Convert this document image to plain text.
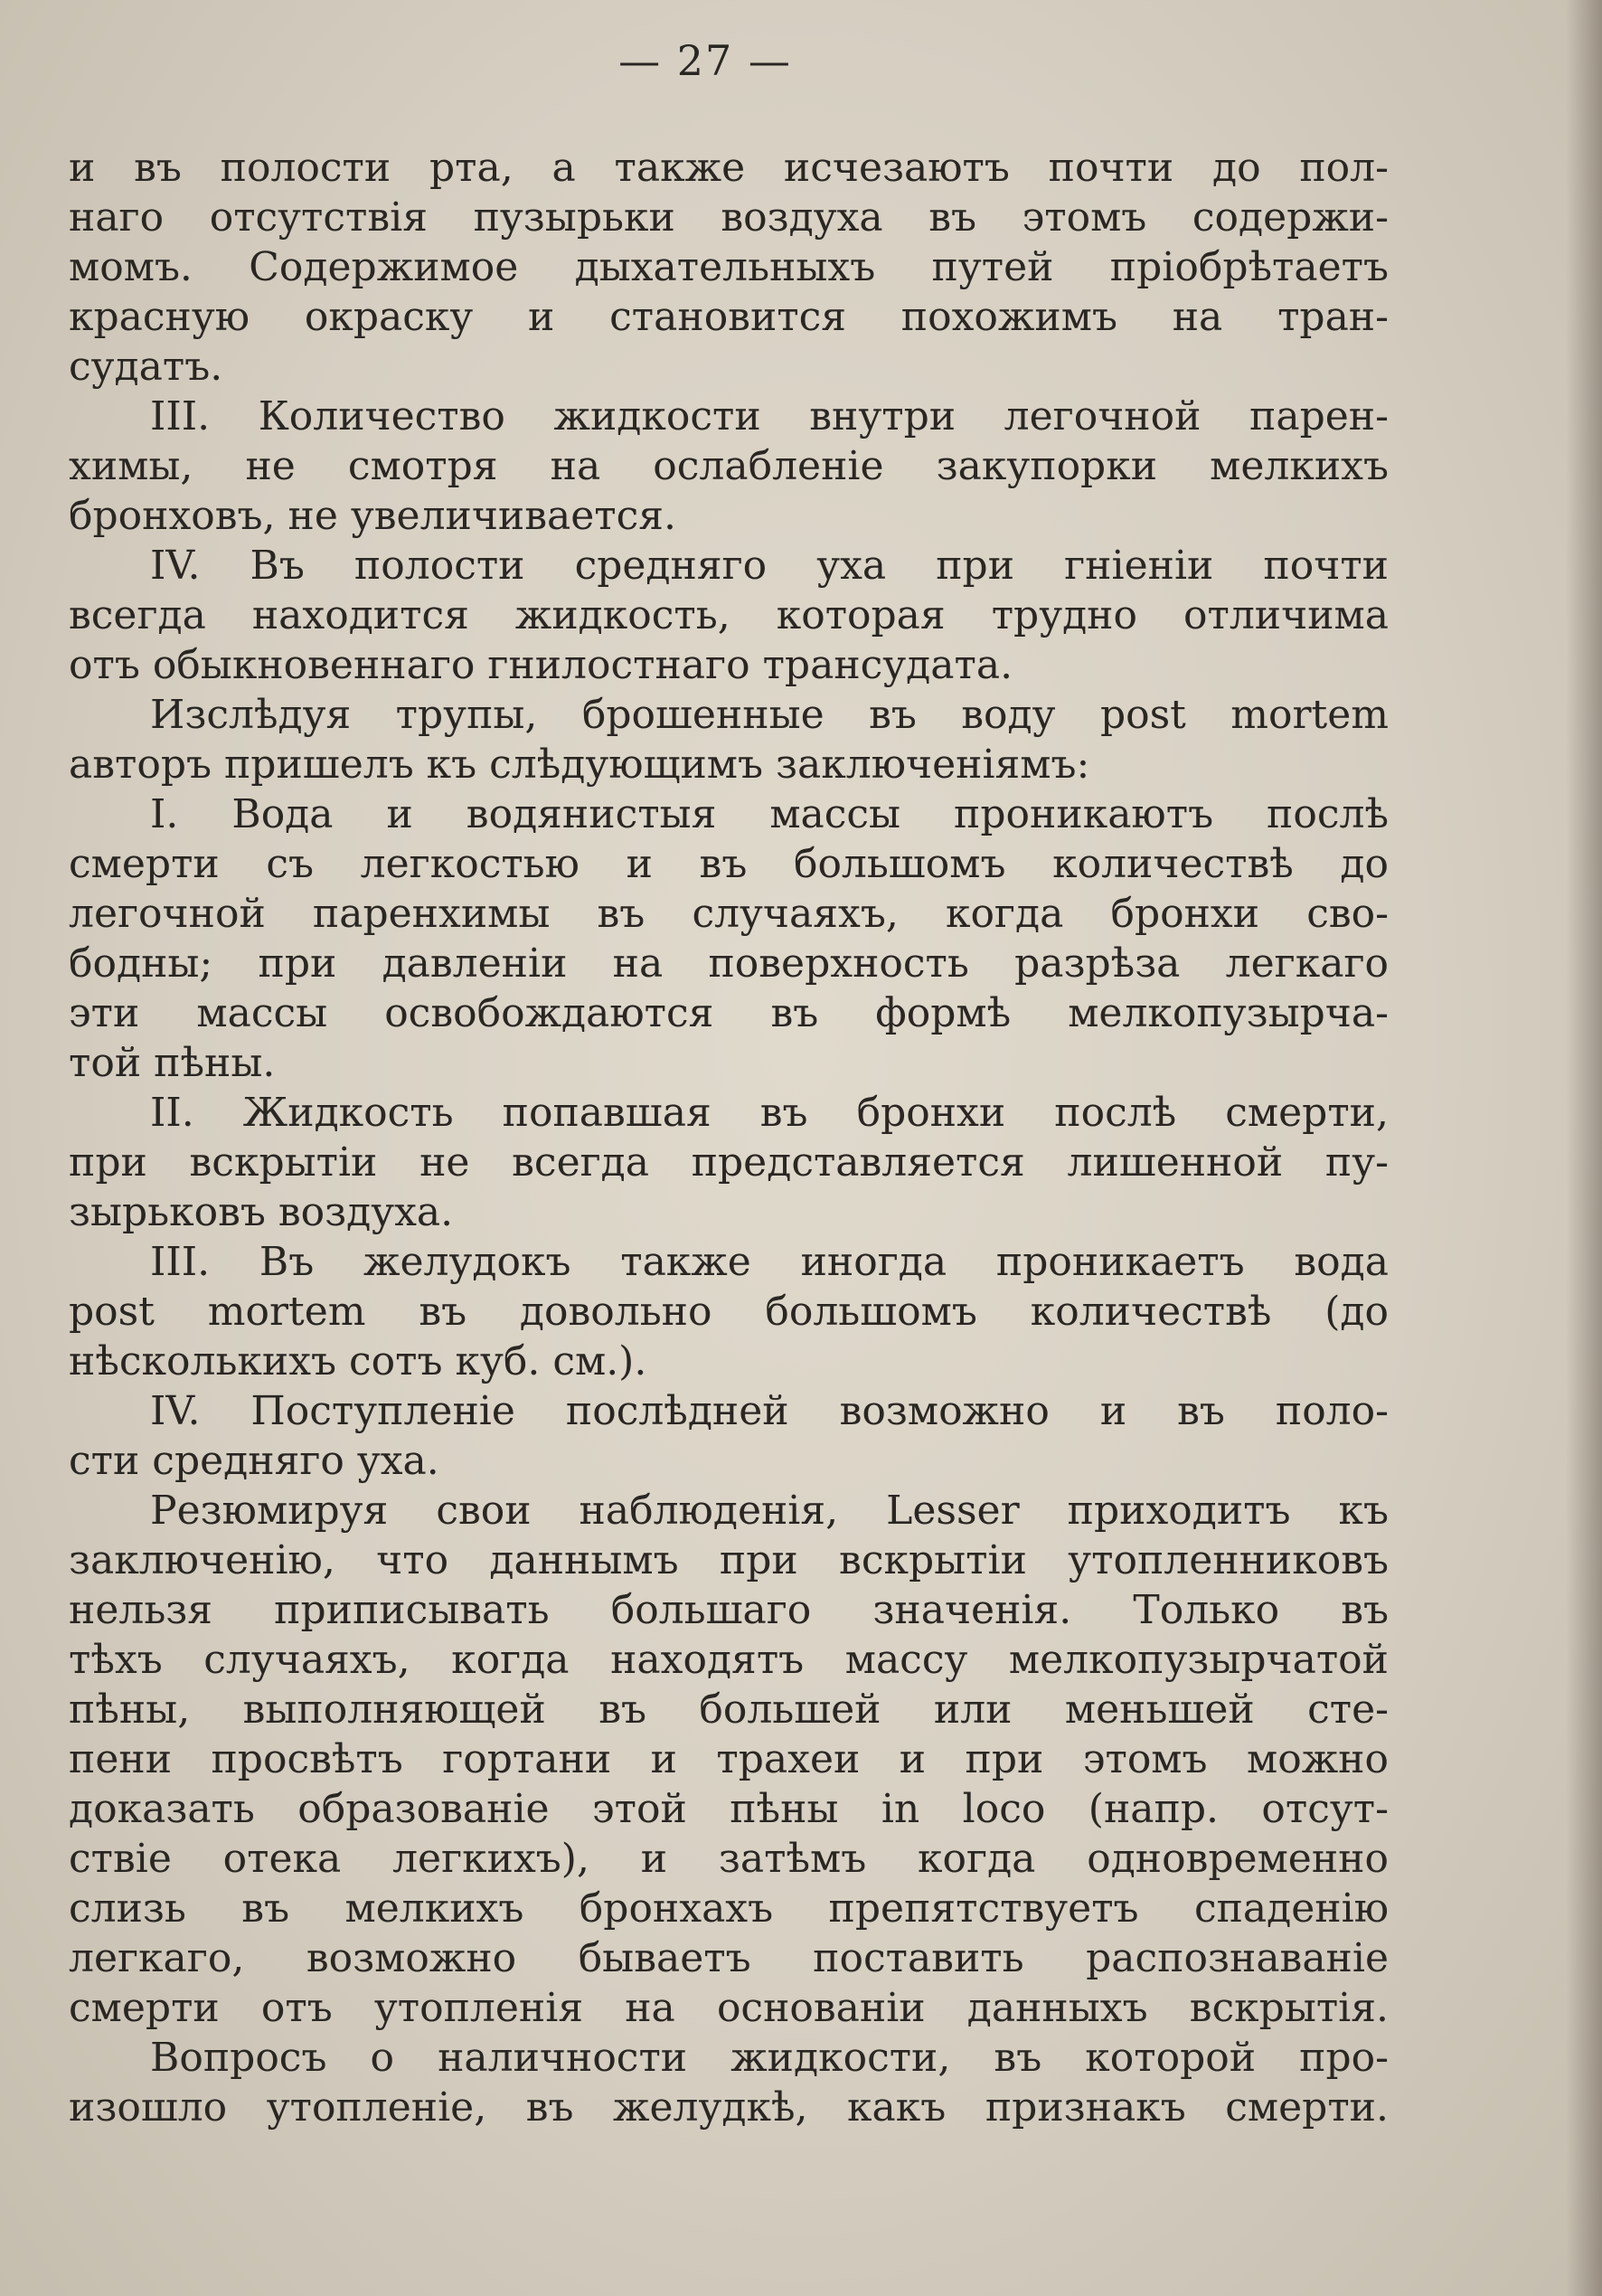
— 27 —
и въ полости рта, а также исчезаютъ почти до пол-
наго отсутствія пузырьки воздуха въ этомъ содержи-
момъ. Содержимое дыхательныхъ путей пріобрѣтаетъ
красную окраску и становится похожимъ на тран-
судатъ.
III. Количество жидкости внутри легочной парен-
химы, не смотря на ослабленіе закупорки мелкихъ
бронховъ, не увеличивается.
IV. Въ полости средняго уха при гніеніи почти
всегда находится жидкость, которая трудно отличима
отъ обыкновеннаго гнилостнаго трансудата.
Изслѣдуя трупы, брошенные въ воду post mortem
авторъ пришелъ къ слѣдующимъ заключеніямъ:
I. Вода и водянистыя массы проникаютъ послѣ
смерти съ легкостью и въ большомъ количествѣ до
легочной паренхимы въ случаяхъ, когда бронхи сво-
бодны; при давленіи на поверхность разрѣза легкаго
эти массы освобождаются въ формѣ мелкопузырча-
той пѣны.
II. Жидкость попавшая въ бронхи послѣ смерти,
при вскрытіи не всегда представляется лишенной пу-
зырьковъ воздуха.
III. Въ желудокъ также иногда проникаетъ вода
post mortem въ довольно большомъ количествѣ (до
нѣсколькихъ сотъ куб. см.).
IV. Поступленіе послѣдней возможно и въ поло-
сти средняго уха.
Резюмируя свои наблюденія, Lesser приходитъ къ
заключенію, что даннымъ при вскрытіи утопленниковъ
нельзя приписывать большаго значенія. Только въ
тѣхъ случаяхъ, когда находятъ массу мелкопузырчатой
пѣны, выполняющей въ большей или меньшей сте-
пени просвѣтъ гортани и трахеи и при этомъ можно
доказать образованіе этой пѣны in loco (напр. отсут-
ствіе отека легкихъ), и затѣмъ когда одновременно
слизь въ мелкихъ бронхахъ препятствуетъ спаденію
легкаго, возможно бываетъ поставить распознаваніе
смерти отъ утопленія на основаніи данныхъ вскрытія.
Вопросъ о наличности жидкости, въ которой про-
изошло утопленіе, въ желудкѣ, какъ признакъ смерти.
